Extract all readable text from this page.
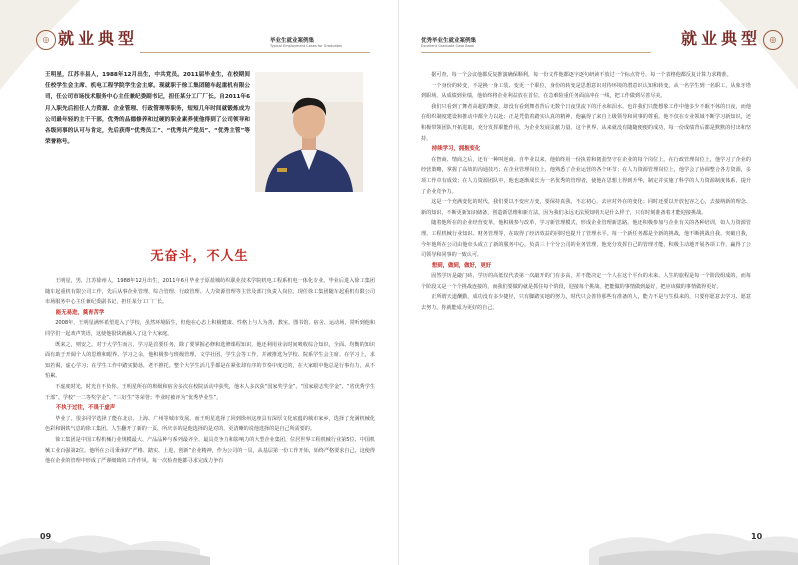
◎ 就业典型	毕业生就业案例集
Typical Employment Cases for Graduates
王明星，江苏丰县人，1988年12月出生，中共党员。2011届毕业生，在校期间任校学生会主席、机电工程学院学生会主席。现就职于徐工集团随车起重机有限公司，任公司市场技术服务中心主任兼纪委副书记，担任某分工厂厂长。自2011年6月入职先后担任人力资源、企业管理、行政管理等职务，短短几年时间就锻炼成为公司最年轻的主干干部，优秀的品德修养和过硬的职业素养使他得到了公司领导和各级同事的认可与肯定，先后获得“优秀员工”、“优秀共产党员”、“优秀主管”等荣誉称号。
无奋斗，不人生

王明星，男，江苏徐州人，1988年12月出生，2011年6月毕业于原盐城纺织职业技术学院机电工程系机电一体化专业。毕业后进入徐工集团随车起重机有限公司工作，先后从事企业管理、综合管理、行政管理、人力资源管理等主管及部门负责人岗位。现任徐工集团随车起重机有限公司市场服务中心主任兼纪委副书记，担任某分工厂厂长。

能无易进，奠育苦学

2008年，王明星满怀希望进入了学校，虽然环境陌生，但他在心态上积极健康、性格上与人为善，教室、图书馆、宿舍、运动场，常听到他和同学们一起欢声笑语，这使他很快就融入了这个大家庭。

既来之，则安之。对于大学生而言，学习是首要任务，除了要掌握必修和选修课程知识，他还利用业余时间吸收综合知识，全面、均衡的知识面有助于开阔个人的思维和眼界。学习之余，他积极参与班级管理、文学社团、学生会等工作，并被推选为学校、院系学生会主席。在学习上，求知若渴，虚心学习；在学生工作中踏实勤恳，老不推托。整个大学生活几乎都是在紧张却有序的节奏中度过的，在大家眼中他总是行事有力，从不怕累。

不虚度时光，时光自不负你。王明星所在的班级和宿舍多次在校院活动中获奖，他本人多次获“国家奖学金”、“国家励志奖学金”、“省优秀学生干部”、学校“一二等奖学金”、“三好生”等荣誉；毕业时被评为“优秀毕业生”。

不执于过往，不畏于虚声

毕业了，很多同学选择了能在北京、上海、广州等城市发展。而王明星选择了回到徐州这座具有深厚文化底蕴的城市家乡，选择了充满机械化色彩和钢铁气息的徐工集团。人生翻开了新的一页，所庆幸的是他选择的是对的，更清晰的说他选择的是自己所需要的。

徐工集团是中国工程机械行业规模最大、产品品种与系列最齐全、最具竞争力和影响力的大型企业集团，位居世界工程机械行业第5位、中国机械工业百强第2位。他所在公司秉承的“严格、踏实、上进、创新”企业精神，作为公司的一员，从基层第一份工作开始，始终严格要求自己，这使得他在企业的管理中形成了严谨细致的工作作风。每一次检查他都寻求完成力争有

09
优秀毕业生就业案例集
Excellent Graduate Case Book	就业典型	◎

据可查，每一个会议他都反复推演确保顺利，每一份文件他都逐字逐句研读不放过一个标点符号，每一个表格他都反复计算力求精准。

一个身份的转变，不是换一身工装、变更一个职位，身份的转变是思想意识对待环境的潜意识认知和转变。从一名学生到一名职工，从象牙塔到职场，从成绩到业绩，他始终将企业利益放在首位，在急难险重任务面前冲在一线，把工作做到尽善尽美。

我们只看到了舞者高超的舞姿，却没有看到舞者背后无数个日夜里流下的汗水和泪水。也许我们只能想象工作中他多少不眠不休的日夜，而他在组织制度建设和推动中都全力以赴；正是凭借着踏实认真的精神，他赢得了来自上级领导和同事的尊重。他不仅在专业领域不断学习新知识，还积极带领团队开拓进取，充分发挥职能作用，为企业发展贡献力量。这个世界，从来就没有随随便便的成功，每一份成绩背后都是默默的付出和坚持。

持续学习，拥抱变化

在智商、情商之后，还有一种叫逆商。自毕业以来，他始终用一份执着和韧劲坚守在企业的每个岗位上。在行政管理岗位上，他学习了企业的经营策略，掌握了高效的沟通技巧；在企业管理岗位上，他熟悉了企业运营的各个环节；在人力资源管理岗位上，他学会了协调整合各方资源，多项工作卓有成效；在人力资源团队中，他也逐渐成长为一名优秀的管理者，使他在思想上得到升华，制定并实施了科学的人力资源制度体系，提升了企业竞争力。

这是一个充满变化的时代，我们要以不变应万变，要保持真我、不忘初心，去应对外在的变化；同时还要以开放包容之心，去接纳新的理念、新的知识，不断更新知识储备，创造新思维和新方法，因为我们永远无法预知明天是什么样子，只有时刻准备着才能迎接挑战。

随着他所在的企业经营变革，他积极参与改革，学习新管理模式，形成企业管理新思路。他还积极参加与企业有关的各种培训，如人力资源管理、工程机械行业知识、财务管理等，在取得了经济效益的同时也提升了管理水平。每一个新任务都是全新的挑战，他不断挑战自我、突破自我，今年他所在公司由他牵头成立了新的服务中心，负责三十个分公司的业务管理，他充分发挥自己的管理才能，积极主动地开展各项工作，赢得了公司领导和同事的一致认可。

想到，做到，做好，更好

固然学历是敲门砖，学历的高低仅代表第一次敲开的门有多高，并不能决定一个人在这个平台的未来。人生的旅程是每一个阶段组成的，而每个阶段又是一个个挑战连接的，而我们要做的就是抓住每个阶段，迎接每个挑战，把能做的事情做到最好，把应该做的事情做得更好。

正所谓天道酬勤，成功没有多少捷径，只有脚踏实地的努力。时代只会善待那些有准备的人，能力不是与生俱来的，只要你愿意去学习、愿意去努力，你就能成为更好的自己。

10
